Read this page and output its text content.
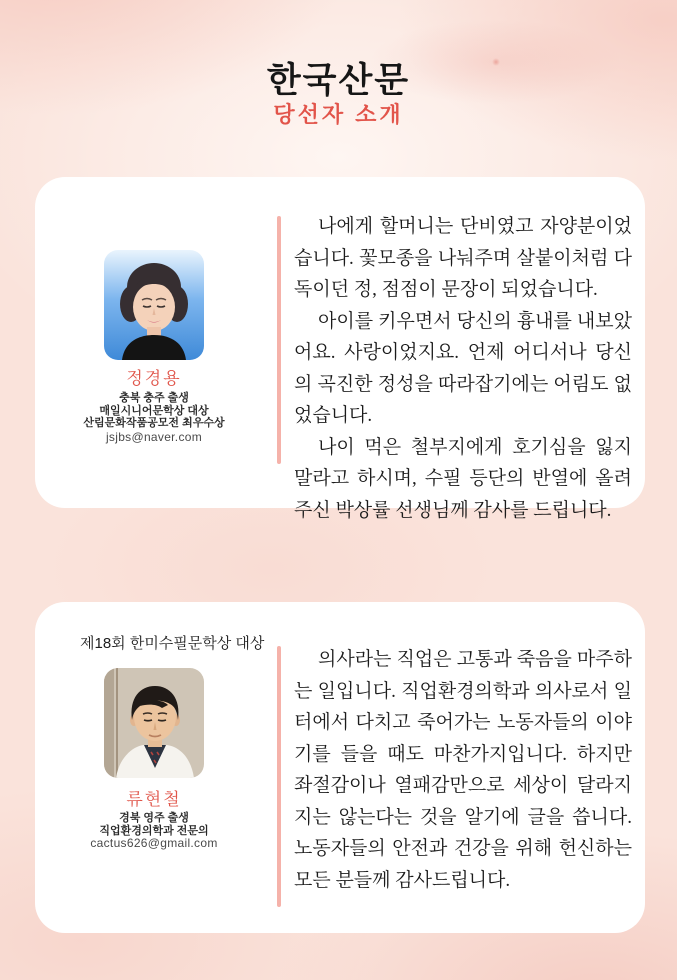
한국산문
당선자 소개
정경용
충북 충주 출생
매일시니어문학상 대상
산림문화작품공모전 최우수상
jsjbs@naver.com

나에게 할머니는 단비였고 자양분이었습니다. 꽃모종을 나눠주며 살붙이처럼 다독이던 정, 점점이 문장이 되었습니다.

아이를 키우면서 당신의 흉내를 내보았어요. 사랑이었지요. 언제 어디서나 당신의 곡진한 정성을 따라잡기에는 어림도 없었습니다.

나이 먹은 철부지에게 호기심을 잃지 말라고 하시며, 수필 등단의 반열에 올려주신 박상률 선생님께 감사를 드립니다.

제18회 한미수필문학상 대상
류현철
경북 영주 출생
직업환경의학과 전문의
cactus626@gmail.com

의사라는 직업은 고통과 죽음을 마주하는 일입니다. 직업환경의학과 의사로서 일터에서 다치고 죽어가는 노동자들의 이야기를 들을 때도 마찬가지입니다. 하지만 좌절감이나 열패감만으로 세상이 달라지지는 않는다는 것을 알기에 글을 씁니다. 노동자들의 안전과 건강을 위해 헌신하는 모든 분들께 감사드립니다.
